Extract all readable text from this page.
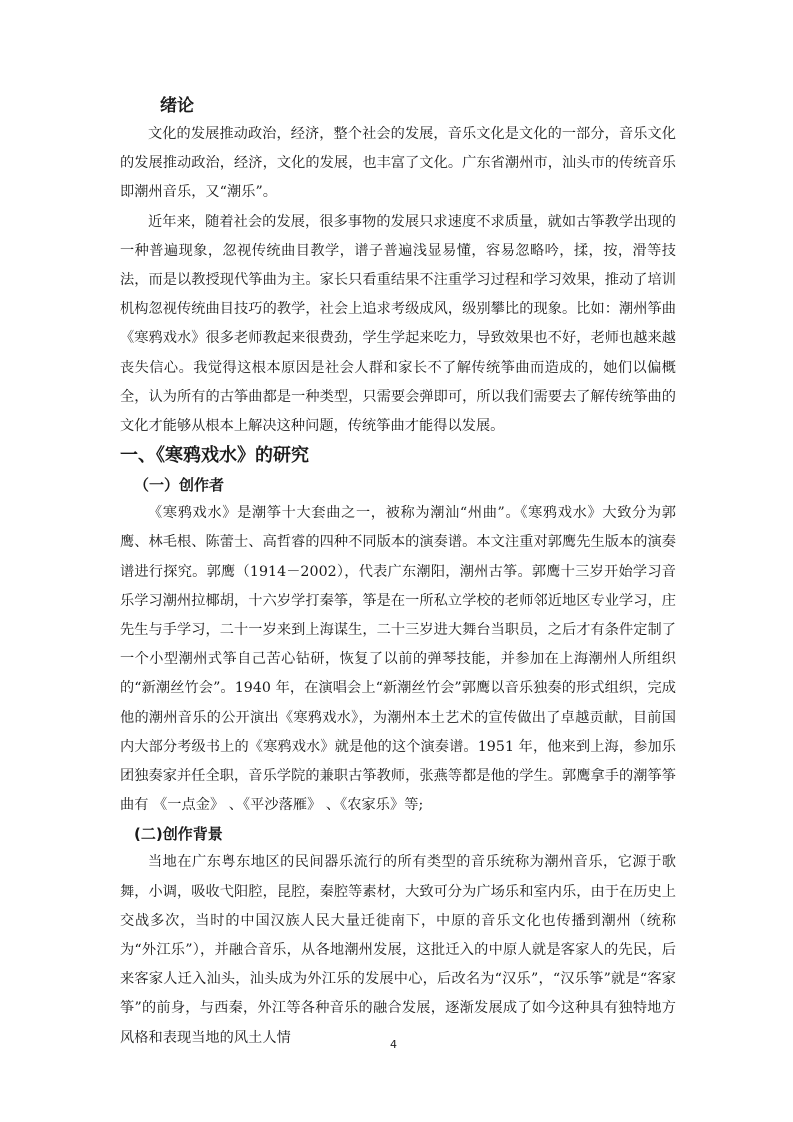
绪论

文化的发展推动政治，经济，整个社会的发展，音乐文化是文化的一部分，音乐文化的发展推动政治，经济，文化的发展，也丰富了文化。广东省潮州市，汕头市的传统音乐即潮州音乐，又“潮乐”。

近年来，随着社会的发展，很多事物的发展只求速度不求质量，就如古筝教学出现的一种普遍现象，忽视传统曲目教学，谱子普遍浅显易懂，容易忽略吟，揉，按，滑等技法，而是以教授现代筝曲为主。家长只看重结果不注重学习过程和学习效果，推动了培训机构忽视传统曲目技巧的教学，社会上追求考级成风，级别攀比的现象。比如：潮州筝曲《寒鸦戏水》很多老师教起来很费劲，学生学起来吃力，导致效果也不好，老师也越来越丧失信心。我觉得这根本原因是社会人群和家长不了解传统筝曲而造成的，她们以偏概全，认为所有的古筝曲都是一种类型，只需要会弹即可，所以我们需要去了解传统筝曲的文化才能够从根本上解决这种问题，传统筝曲才能得以发展。

一、《寒鸦戏水》的研究
（一）创作者

《寒鸦戏水》是潮筝十大套曲之一，被称为潮汕“州曲”。《寒鸦戏水》大致分为郭鹰、林毛根、陈蕾士、高哲睿的四种不同版本的演奏谱。本文注重对郭鹰先生版本的演奏谱进行探究。郭鹰（1914－2002），代表广东潮阳，潮州古筝。郭鹰十三岁开始学习音乐学习潮州拉椰胡，十六岁学打秦筝，筝是在一所私立学校的老师邻近地区专业学习，庄先生与手学习，二十一岁来到上海谋生，二十三岁进大舞台当职员，之后才有条件定制了一个小型潮州式筝自己苦心钻研，恢复了以前的弹琴技能，并参加在上海潮州人所组织的“新潮丝竹会”。1940 年，在演唱会上“新潮丝竹会”郭鹰以音乐独奏的形式组织，完成他的潮州音乐的公开演出《寒鸦戏水》，为潮州本土艺术的宣传做出了卓越贡献，目前国内大部分考级书上的《寒鸦戏水》就是他的这个演奏谱。1951 年，他来到上海，参加乐团独奏家并任全职，音乐学院的兼职古筝教师，张燕等都是他的学生。郭鹰拿手的潮筝筝曲有 《一点金》 、《平沙落雁》 、《农家乐》等;

(二)创作背景

当地在广东粤东地区的民间器乐流行的所有类型的音乐统称为潮州音乐，它源于歌舞，小调，吸收弋阳腔，昆腔，秦腔等素材，大致可分为广场乐和室内乐，由于在历史上交战多次，当时的中国汉族人民大量迁徙南下，中原的音乐文化也传播到潮州（统称为“外江乐”），并融合音乐，从各地潮州发展，这批迁入的中原人就是客家人的先民，后来客家人迁入汕头，汕头成为外江乐的发展中心，后改名为“汉乐”，“汉乐筝”就是“客家筝”的前身，与西秦，外江等各种音乐的融合发展，逐渐发展成了如今这种具有独特地方风格和表现当地的风土人情	4
